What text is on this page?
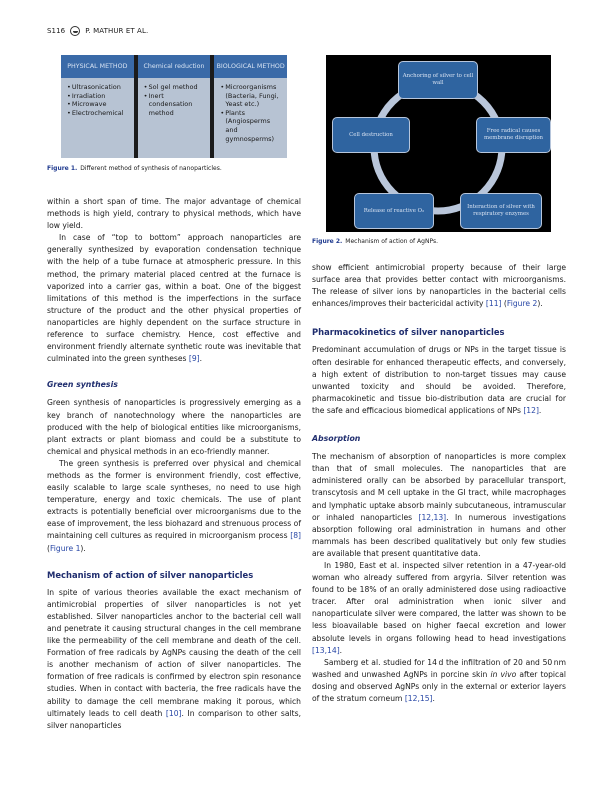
S116	P. MATHUR ET AL.
PHYSICAL METHOD
• Ultrasonication
• Irradiation
• Microwave
• Electrochemical
Chemical reduction
• Sol gel method
• Inert condensation method
BIOLOGICAL METHOD
• Microorganisms (Bacteria, Fungi, Yeast etc.)
• Plants (Angiosperms and gymnosperms)
Figure 1. Different method of synthesis of nanoparticles.
Anchoring of silver to cell wall
Free radical causes membrane disruption
Interaction of silver with respiratory enzymes
Release of reactive O₂
Cell destruction
Figure 2. Mechanism of action of AgNPs.

within a short span of time. The major advantage of chemical methods is high yield, contrary to physical methods, which have low yield.

In case of “top to bottom” approach nanoparticles are generally synthesized by evaporation condensation technique with the help of a tube furnace at atmospheric pressure. In this method, the primary material placed centred at the furnace is vaporized into a carrier gas, within a boat. One of the biggest limitations of this method is the imperfections in the surface structure of the product and the other physical properties of nanoparticles are highly dependent on the surface structure in reference to surface chemistry. Hence, cost effective and environment friendly alternate synthetic route was inevitable that culminated into the green syntheses [9].

Green synthesis

Green synthesis of nanoparticles is progressively emerging as a key branch of nanotechnology where the nanoparticles are produced with the help of biological entities like microorganisms, plant extracts or plant biomass and could be a substitute to chemical and physical methods in an eco-friendly manner.

The green synthesis is preferred over physical and chemical methods as the former is environment friendly, cost effective, easily scalable to large scale syntheses, no need to use high temperature, energy and toxic chemicals. The use of plant extracts is potentially beneficial over microorganisms due to the ease of improvement, the less biohazard and strenuous process of maintaining cell cultures as required in microorganism process [8] (Figure 1).

Mechanism of action of silver nanoparticles

In spite of various theories available the exact mechanism of antimicrobial properties of silver nanoparticles is not yet established. Silver nanoparticles anchor to the bacterial cell wall and penetrate it causing structural changes in the cell membrane like the permeability of the cell membrane and death of the cell. Formation of free radicals by AgNPs causing the death of the cell is another mechanism of action of silver nanoparticles. The formation of free radicals is confirmed by electron spin resonance studies. When in contact with bacteria, the free radicals have the ability to damage the cell membrane making it porous, which ultimately leads to cell death [10]. In comparison to other salts, silver nanoparticles

show efficient antimicrobial property because of their large surface area that provides better contact with microorganisms. The release of silver ions by nanoparticles in the bacterial cells enhances/improves their bactericidal activity [11] (Figure 2).

Pharmacokinetics of silver nanoparticles

Predominant accumulation of drugs or NPs in the target tissue is often desirable for enhanced therapeutic effects, and conversely, a high extent of distribution to non-target tissues may cause unwanted toxicity and should be avoided. Therefore, pharmacokinetic and tissue bio-distribution data are crucial for the safe and efficacious biomedical applications of NPs [12].

Absorption

The mechanism of absorption of nanoparticles is more complex than that of small molecules. The nanoparticles that are administered orally can be absorbed by paracellular transport, transcytosis and M cell uptake in the GI tract, while macrophages and lymphatic uptake absorb mainly subcutaneous, intramuscular or inhaled nanoparticles [12,13]. In numerous investigations absorption following oral administration in humans and other mammals has been described qualitatively but only few studies are available that present quantitative data.

In 1980, East et al. inspected silver retention in a 47-year-old woman who already suffered from argyria. Silver retention was found to be 18% of an orally administered dose using radioactive tracer. After oral administration when ionic silver and nanoparticulate silver were compared, the latter was shown to be less bioavailable based on higher faecal excretion and lower absolute levels in organs following head to head investigations [13,14].

Samberg et al. studied for 14 d the infiltration of 20 and 50 nm washed and unwashed AgNPs in porcine skin in vivo after topical dosing and observed AgNPs only in the external or exterior layers of the stratum corneum [12,15].
